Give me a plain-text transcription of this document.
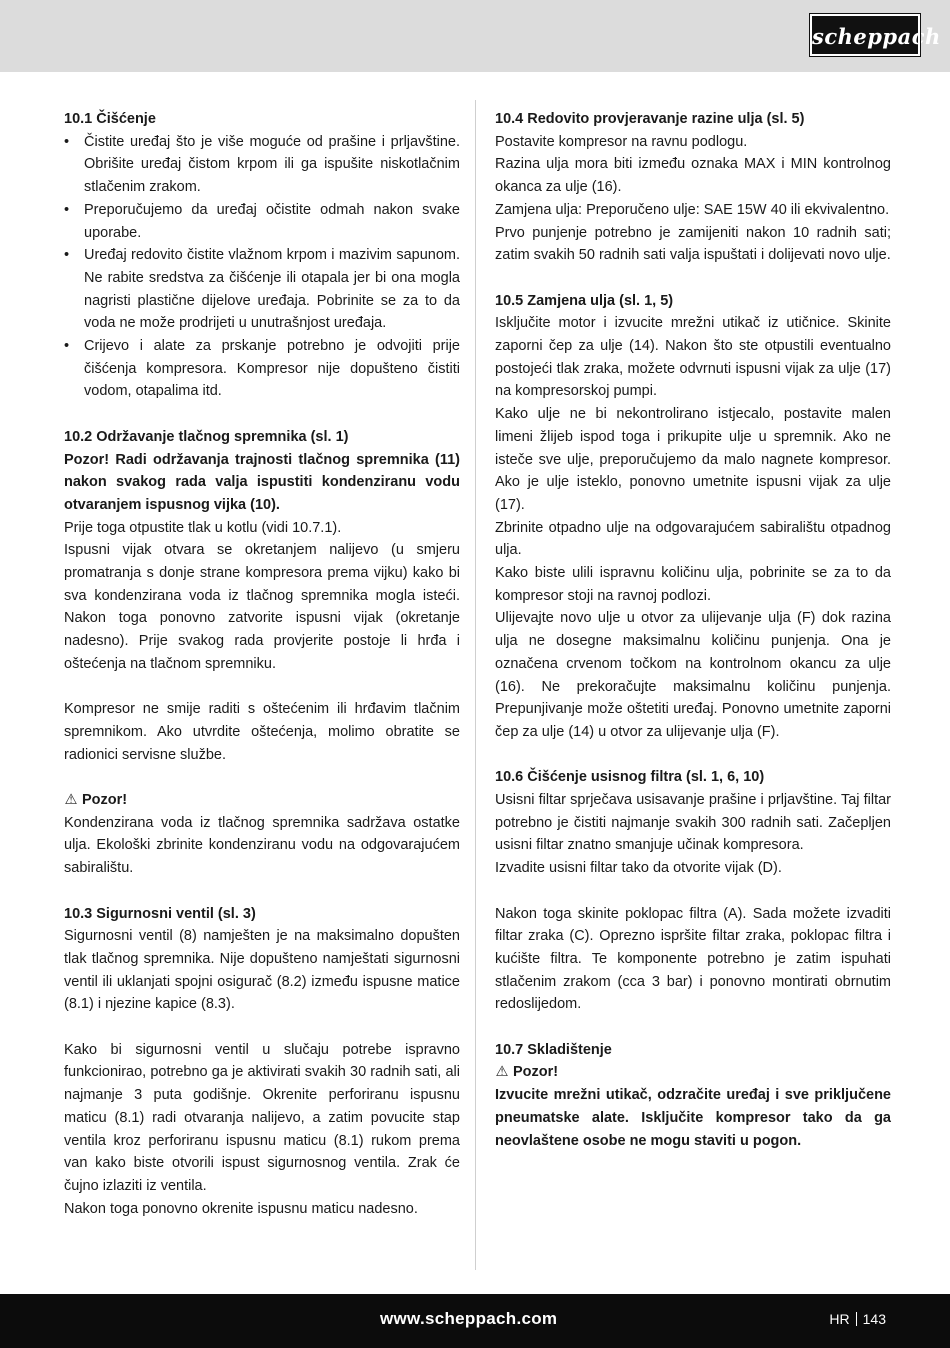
scheppach

10.1 Čišćenje

• Čistite uređaj što je više moguće od prašine i prljavštine. Obrišite uređaj čistom krpom ili ga ispušite niskotlačnim stlačenim zrakom.
• Preporučujemo da uređaj očistite odmah nakon svake uporabe.
• Uređaj redovito čistite vlažnom krpom i mazivim sapunom. Ne rabite sredstva za čišćenje ili otapala jer bi ona mogla nagristi plastične dijelove uređaja. Pobrinite se za to da voda ne može prodrijeti u unutrašnjost uređaja.
• Crijevo i alate za prskanje potrebno je odvojiti prije čišćenja kompresora. Kompresor nije dopušteno čistiti vodom, otapalima itd.

10.2 Održavanje tlačnog spremnika (sl. 1)

Pozor! Radi održavanja trajnosti tlačnog spremnika (11) nakon svakog rada valja ispustiti kondenziranu vodu otvaranjem ispusnog vijka (10).

Prije toga otpustite tlak u kotlu (vidi 10.7.1).

Ispusni vijak otvara se okretanjem nalijevo (u smjeru promatranja s donje strane kompresora prema vijku) kako bi sva kondenzirana voda iz tlačnog spremnika mogla isteći. Nakon toga ponovno zatvorite ispusni vijak (okretanje nadesno). Prije svakog rada provjerite postoje li hrđa i oštećenja na tlačnom spremniku.

Kompresor ne smije raditi s oštećenim ili hrđavim tlačnim spremnikom. Ako utvrdite oštećenja, molimo obratite se radionici servisne službe.

⚠ Pozor!

Kondenzirana voda iz tlačnog spremnika sadržava ostatke ulja. Ekološki zbrinite kondenziranu vodu na odgovarajućem sabiralištu.

10.3 Sigurnosni ventil (sl. 3)

Sigurnosni ventil (8) namješten je na maksimalno dopušten tlak tlačnog spremnika. Nije dopušteno namještati sigurnosni ventil ili uklanjati spojni osigurač (8.2) između ispusne matice (8.1) i njezine kapice (8.3).

Kako bi sigurnosni ventil u slučaju potrebe ispravno funkcionirao, potrebno ga je aktivirati svakih 30 radnih sati, ali najmanje 3 puta godišnje. Okrenite perforiranu ispusnu maticu (8.1) radi otvaranja nalijevo, a zatim povucite stap ventila kroz perforiranu ispusnu maticu (8.1) rukom prema van kako biste otvorili ispust sigurnosnog ventila. Zrak će čujno izlaziti iz ventila.

Nakon toga ponovno okrenite ispusnu maticu nadesno.

10.4 Redovito provjeravanje razine ulja (sl. 5)

Postavite kompresor na ravnu podlogu.

Razina ulja mora biti između oznaka MAX i MIN kontrolnog okanca za ulje (16).

Zamjena ulja: Preporučeno ulje: SAE 15W 40 ili ekvivalentno.

Prvo punjenje potrebno je zamijeniti nakon 10 radnih sati; zatim svakih 50 radnih sati valja ispuštati i dolijevati novo ulje.

10.5 Zamjena ulja (sl. 1, 5)

Isključite motor i izvucite mrežni utikač iz utičnice. Skinite zaporni čep za ulje (14). Nakon što ste otpustili eventualno postojeći tlak zraka, možete odvrnuti ispusni vijak za ulje (17) na kompresorskoj pumpi.

Kako ulje ne bi nekontrolirano istjecalo, postavite malen limeni žlijeb ispod toga i prikupite ulje u spremnik. Ako ne isteče sve ulje, preporučujemo da malo nagnete kompresor. Ako je ulje isteklo, ponovno umetnite ispusni vijak za ulje (17).

Zbrinite otpadno ulje na odgovarajućem sabiralištu otpadnog ulja.

Kako biste ulili ispravnu količinu ulja, pobrinite se za to da kompresor stoji na ravnoj podlozi.

Ulijevajte novo ulje u otvor za ulijevanje ulja (F) dok razina ulja ne dosegne maksimalnu količinu punjenja. Ona je označena crvenom točkom na kontrolnom okancu za ulje (16). Ne prekoračujte maksimalnu količinu punjenja. Prepunjivanje može oštetiti uređaj. Ponovno umetnite zaporni čep za ulje (14) u otvor za ulijevanje ulja (F).

10.6 Čišćenje usisnog filtra (sl. 1, 6, 10)

Usisni filtar sprječava usisavanje prašine i prljavštine. Taj filtar potrebno je čistiti najmanje svakih 300 radnih sati. Začepljen usisni filtar znatno smanjuje učinak kompresora.

Izvadite usisni filtar tako da otvorite vijak (D).

Nakon toga skinite poklopac filtra (A). Sada možete izvaditi filtar zraka (C). Oprezno ispršite filtar zraka, poklopac filtra i kućište filtra. Te komponente potrebno je zatim ispuhati stlačenim zrakom (cca 3 bar) i ponovno montirati obrnutim redoslijedom.

10.7 Skladištenje

⚠ Pozor!

Izvucite mrežni utikač, odzračite uređaj i sve priključene pneumatske alate. Isključite kompresor tako da ga neovlaštene osobe ne mogu staviti u pogon.

www.scheppach.com	HR 143
